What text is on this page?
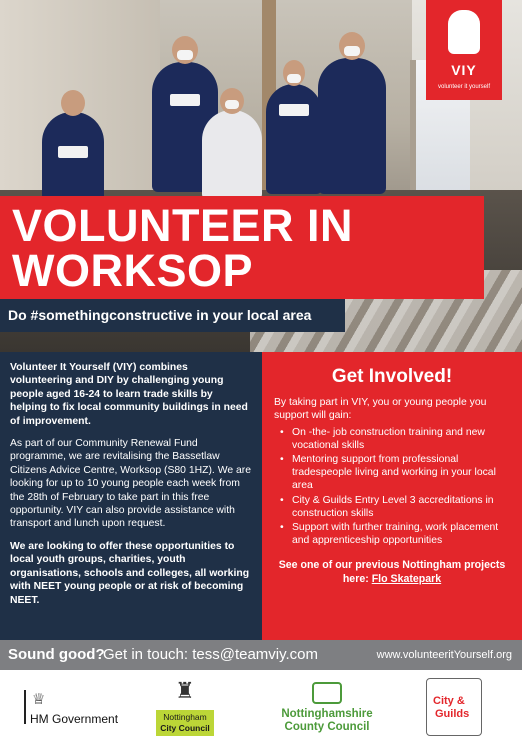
VIY
volunteer it yourself
VOLUNTEER IN
WORKSOP
Do #somethingconstructive in your local area

Volunteer It Yourself (VIY) combines volunteering and DIY by challenging young people aged 16-24 to learn trade skills by helping to fix local community buildings in need of improvement.

As part of our Community Renewal Fund programme, we are revitalising the Bassetlaw Citizens Advice Centre, Worksop (S80 1HZ). We are looking for up to 10 young people each week from the 28th of February to take part in this free opportunity. VIY can also provide assistance with transport and lunch upon request.

We are looking to offer these opportunities to local youth groups, charities, youth organisations, schools and colleges, all working with NEET young people or at risk of becoming NEET.

Get Involved!
By taking part in VIY, you or young people you support will gain:
• On -the- job construction training and new vocational skills
• Mentoring support from professional tradespeople living and working in your local area
• City & Guilds Entry Level 3 accreditations in construction skills
• Support with further training, work placement and apprenticeship opportunities
See one of our previous Nottingham projects here: Flo Skatepark
Sound good?
Get in touch: tess@teamviy.com	www.volunteeritYourself.org
♕
HM Government
♜
Nottingham
City Council
Nottinghamshire
County Council
City &
Guilds
